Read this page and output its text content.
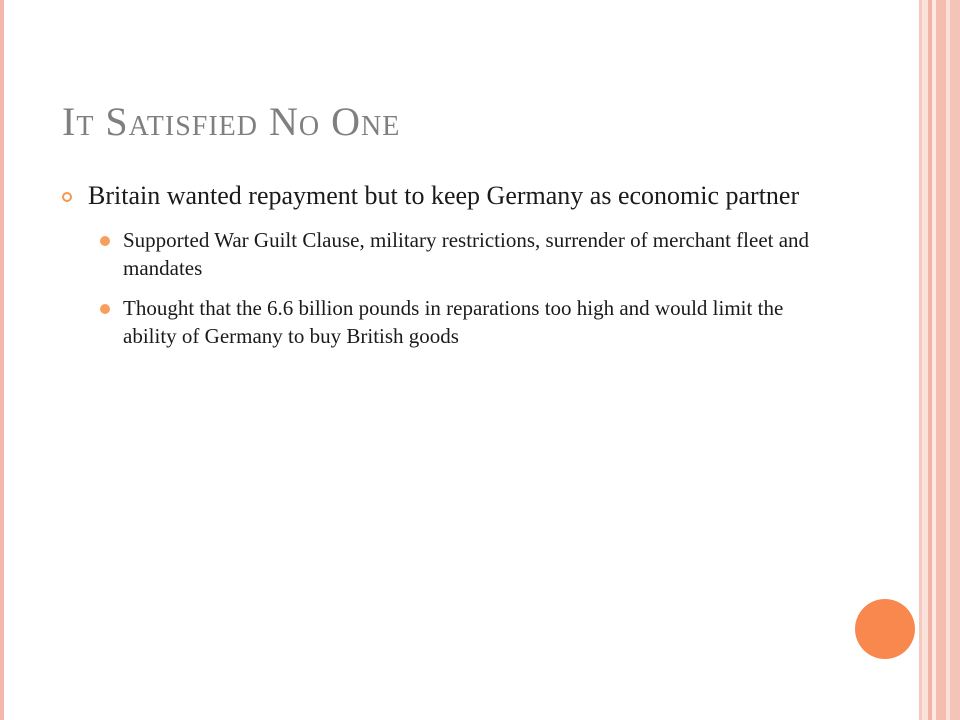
It Satisfied No One
Britain wanted repayment but to keep Germany as economic partner
Supported War Guilt Clause, military restrictions, surrender of merchant fleet and mandates
Thought that the 6.6 billion pounds in reparations too high and would limit the ability of Germany to buy British goods
